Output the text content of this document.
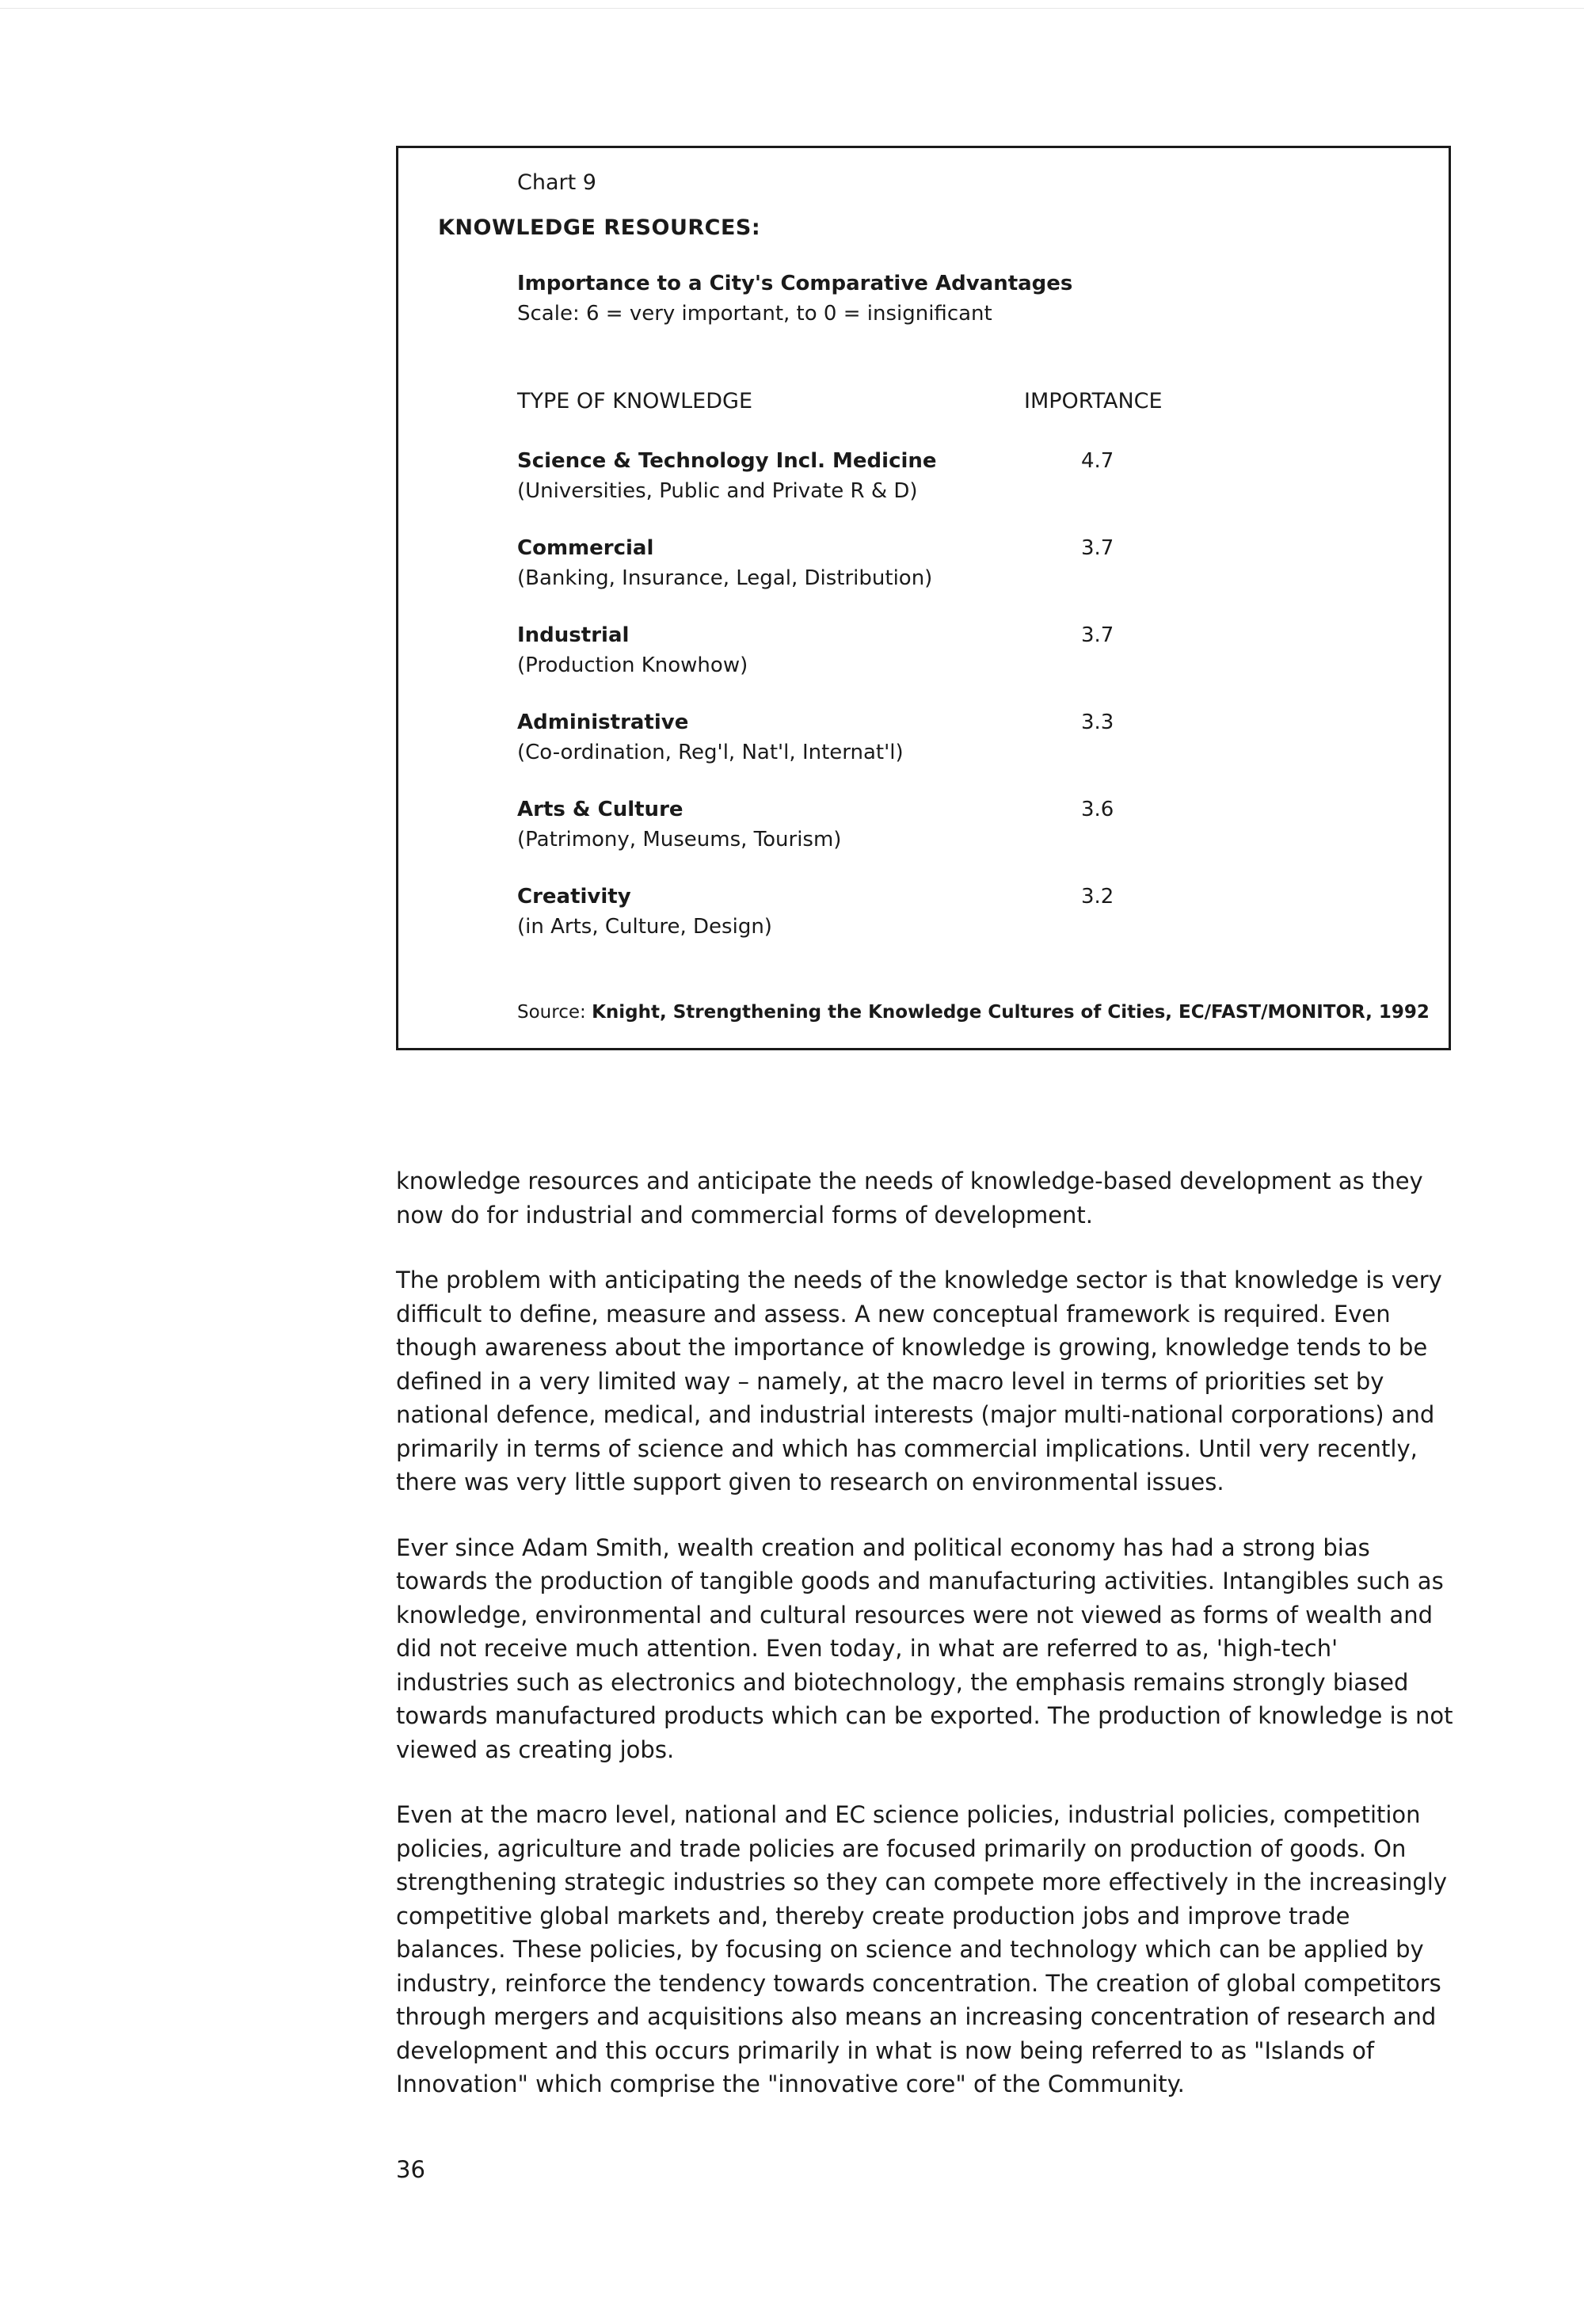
Chart 9
KNOWLEDGE RESOURCES:
Importance to a City's Comparative Advantages
Scale: 6 = very important, to 0 = insignificant
TYPE OF KNOWLEDGE	IMPORTANCE
Science & Technology Incl. Medicine
(Universities, Public and Private R & D)
4.7
Commercial
(Banking, Insurance, Legal, Distribution)
3.7
Industrial
(Production Knowhow)
3.7
Administrative
(Co-ordination, Reg'l, Nat'l, Internat'l)
3.3
Arts & Culture
(Patrimony, Museums, Tourism)
3.6
Creativity
(in Arts, Culture, Design)
3.2
Source: Knight, Strengthening the Knowledge Cultures of Cities, EC/FAST/MONITOR, 1992

knowledge resources and anticipate the needs of knowledge-based development as they now do for industrial and commercial forms of development.

The problem with anticipating the needs of the knowledge sector is that knowledge is very difficult to define, measure and assess. A new conceptual framework is required. Even though awareness about the importance of knowledge is growing, knowledge tends to be defined in a very limited way – namely, at the macro level in terms of priorities set by national defence, medical, and industrial interests (major multi-national corporations) and primarily in terms of science and which has commercial implications. Until very recently, there was very little support given to research on environmental issues.

Ever since Adam Smith, wealth creation and political economy has had a strong bias towards the production of tangible goods and manufacturing activities. Intangibles such as knowledge, environmental and cultural resources were not viewed as forms of wealth and did not receive much attention. Even today, in what are referred to as, 'high-tech' industries such as electronics and biotechnology, the emphasis remains strongly biased towards manufactured products which can be exported. The production of knowledge is not viewed as creating jobs.

Even at the macro level, national and EC science policies, industrial policies, competition policies, agriculture and trade policies are focused primarily on production of goods. On strengthening strategic industries so they can compete more effectively in the increasingly competitive global markets and, thereby create production jobs and improve trade balances. These policies, by focusing on science and technology which can be applied by industry, reinforce the tendency towards concentration. The creation of global competitors through mergers and acquisitions also means an increasing concentration of research and development and this occurs primarily in what is now being referred to as "Islands of Innovation" which comprise the "innovative core" of the Community.

36
